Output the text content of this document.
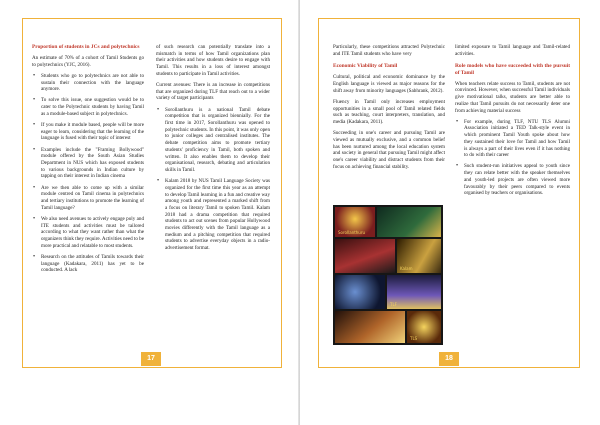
Proportion of students in JCs and polytechnics
An estimate of 70% of a cohort of Tamil Students go to polytechnics (YJC, 2016).
• Students who go to polytechnics are not able to sustain their connection with the language anymore.
• To solve this issue, one suggestion would be to cater to the Polytechnic students by having Tamil as a module-based subject in polytechnics.
• If you make it module based, people will be more eager to learn, considering that the learning of the language is fused with their topic of interest
• Examples include the "Framing Bollywood" module offered by the South Asian Studies Department in NUS which has exposed students to various backgrounds in Indian culture by tapping on their interest in Indian cinema
• Are we then able to come up with a similar module centred on Tamil cinema in polytechnics and tertiary institutions to promote the learning of Tamil language?
• We also need avenues to actively engage poly and ITE students and activities must be tailored according to what they want rather than what the organizers think they require. Activities need to be more practical and relatable to most students.
• Research on the attitudes of Tamils towards their language (Kadakara, 2011) has yet to be conducted. A lack
of such research can potentially translate into a mismatch in terms of how Tamil organizations plan their activities and how students desire to engage with Tamil. This results in a loss of interest amongst students to participate in Tamil activities.
Current avenues: There is an increase in competitions that are organized during TLF that reach out to a wider variety of target participants
• Sorollanthuru is a national Tamil debate competition that is organized biennially. For the first time in 2017, Sorollanthuru was opened to polytechnic students. In this point, it was only open to junior colleges and centralised institutes. The debate competition aims to promote tertiary students' proficiency in Tamil, both spoken and written. It also enables them to develop their organisational, research, debating and articulation skills in Tamil.
• Kalam 2018 by NUS Tamil Language Society was organized for the first time this year as an attempt to develop Tamil learning in a fun and creative way among youth and represented a marked shift from a focus on literary Tamil to spoken Tamil. Kalam 2018 had a drama competition that required students to act out scenes from popular Hollywood movies differently with the Tamil language as a medium and a pitching competition that required students to advertise everyday objects in a radio-advertisement format.
17
Particularly, these competitions attracted Polytechnic and ITE Tamil students who have very
Economic Viability of Tamil
Cultural, political and economic dominance by the English language is viewed as major reasons for the shift away from minority languages (Sabhrank, 2012).
Fluency in Tamil only increases employment opportunities in a small pool of Tamil related fields such as teaching, court interpreters, translation, and media (Kadakara, 2011).
Succeeding in one's career and pursuing Tamil are viewed as mutually exclusive, and a common belief has been nurtured among the local education system and society in general that pursuing Tamil might affect one's career viability and distract students from their focus on achieving financial stability.
Sorollanthuru
Kalam
TLF
TLS
limited exposure to Tamil language and Tamil-related activities.
Role models who have succeeded with the pursuit of Tamil
When teachers relate success to Tamil, students are not convinced. However, when successful Tamil individuals give motivational talks, students are better able to realize that Tamil pursuits do not necessarily deter one from achieving material success
• For example, during TLF, NTU TLS Alumni Association initiated a TED Talk-style event in which prominent Tamil Youth spoke about how they sustained their love for Tamil and how Tamil is always a part of their lives even if it has nothing to do with their career
• Such student-run initiatives appeal to youth since they can relate better with the speaker themselves and youth-led projects are often viewed more favourably by their peers compared to events organised by teachers or organisations.
18
